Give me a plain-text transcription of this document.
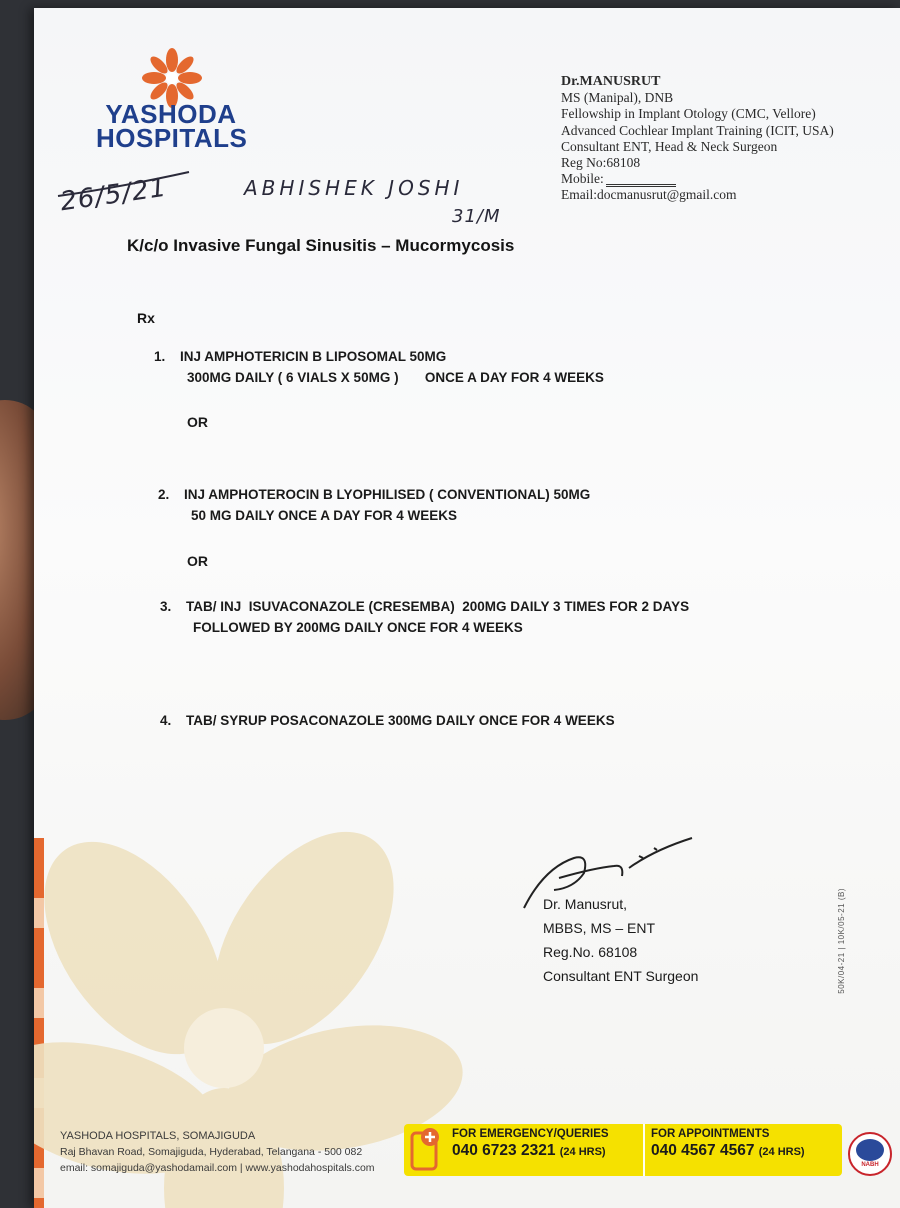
YASHODA
HOSPITALS
Dr.MANUSRUT
MS (Manipal), DNB
Fellowship in Implant Otology (CMC, Vellore)
Advanced Cochlear Implant Training (ICIT, USA)
Consultant ENT, Head & Neck Surgeon
Reg No:68108
Mobile:
Email:docmanusrut@gmail.com
26/5/21	ABHISHEK JOSHI
31/M
K/c/o Invasive Fungal Sinusitis – Mucormycosis
Rx
1. INJ AMPHOTERICIN B LIPOSOMAL 50MG
300MG DAILY ( 6 VIALS X 50MG )       ONCE A DAY FOR 4 WEEKS
OR
2. INJ AMPHOTEROCIN B LYOPHILISED ( CONVENTIONAL) 50MG
50 MG DAILY ONCE A DAY FOR 4 WEEKS
OR
3. TAB/ INJ  ISUVACONAZOLE (CRESEMBA)  200MG DAILY 3 TIMES FOR 2 DAYS
FOLLOWED BY 200MG DAILY ONCE FOR 4 WEEKS
4. TAB/ SYRUP POSACONAZOLE 300MG DAILY ONCE FOR 4 WEEKS
Dr. Manusrut,
MBBS, MS – ENT
Reg.No. 68108
Consultant ENT Surgeon	50K/04-21 | 10K/05-21 (B)
YASHODA HOSPITALS, SOMAJIGUDA
Raj Bhavan Road, Somajiguda, Hyderabad, Telangana - 500 082
email: somajiguda@yashodamail.com | www.yashodahospitals.com
FOR EMERGENCY/QUERIES
040 6723 2321 (24 HRS)
FOR APPOINTMENTS
040 4567 4567 (24 HRS)
NABH
